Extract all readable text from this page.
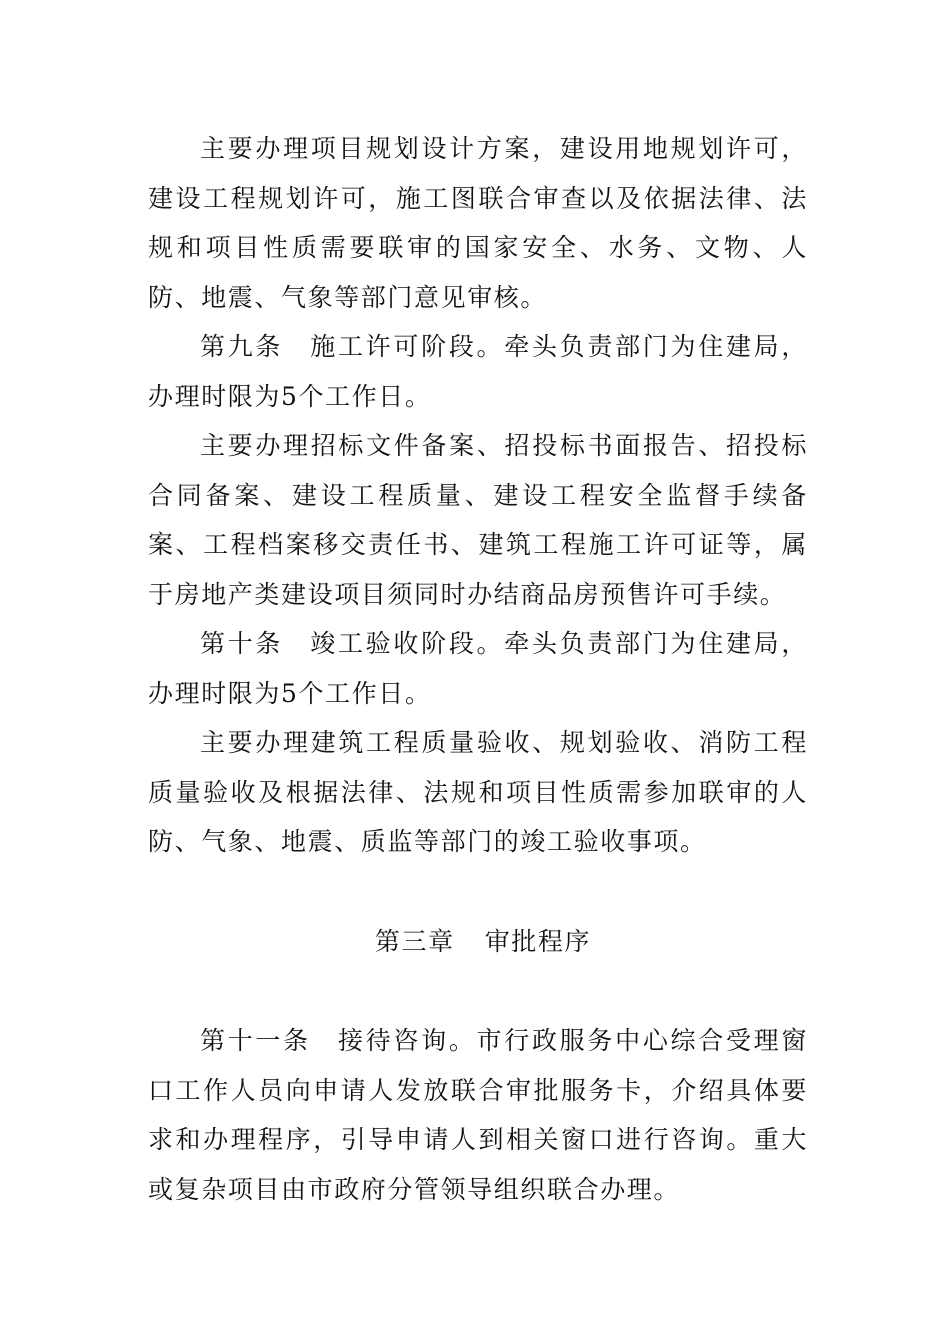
主要办理项目规划设计方案，建设用地规划许可，建设工程规划许可，施工图联合审查以及依据法律、法规和项目性质需要联审的国家安全、水务、文物、人防、地震、气象等部门意见审核。

第九条 施工许可阶段。牵头负责部门为住建局，办理时限为5个工作日。

主要办理招标文件备案、招投标书面报告、招投标合同备案、建设工程质量、建设工程安全监督手续备案、工程档案移交责任书、建筑工程施工许可证等，属于房地产类建设项目须同时办结商品房预售许可手续。

第十条 竣工验收阶段。牵头负责部门为住建局，办理时限为5个工作日。

主要办理建筑工程质量验收、规划验收、消防工程质量验收及根据法律、法规和项目性质需参加联审的人防、气象、地震、质监等部门的竣工验收事项。

第三章 审批程序

第十一条 接待咨询。市行政服务中心综合受理窗口工作人员向申请人发放联合审批服务卡，介绍具体要求和办理程序，引导申请人到相关窗口进行咨询。重大或复杂项目由市政府分管领导组织联合办理。
